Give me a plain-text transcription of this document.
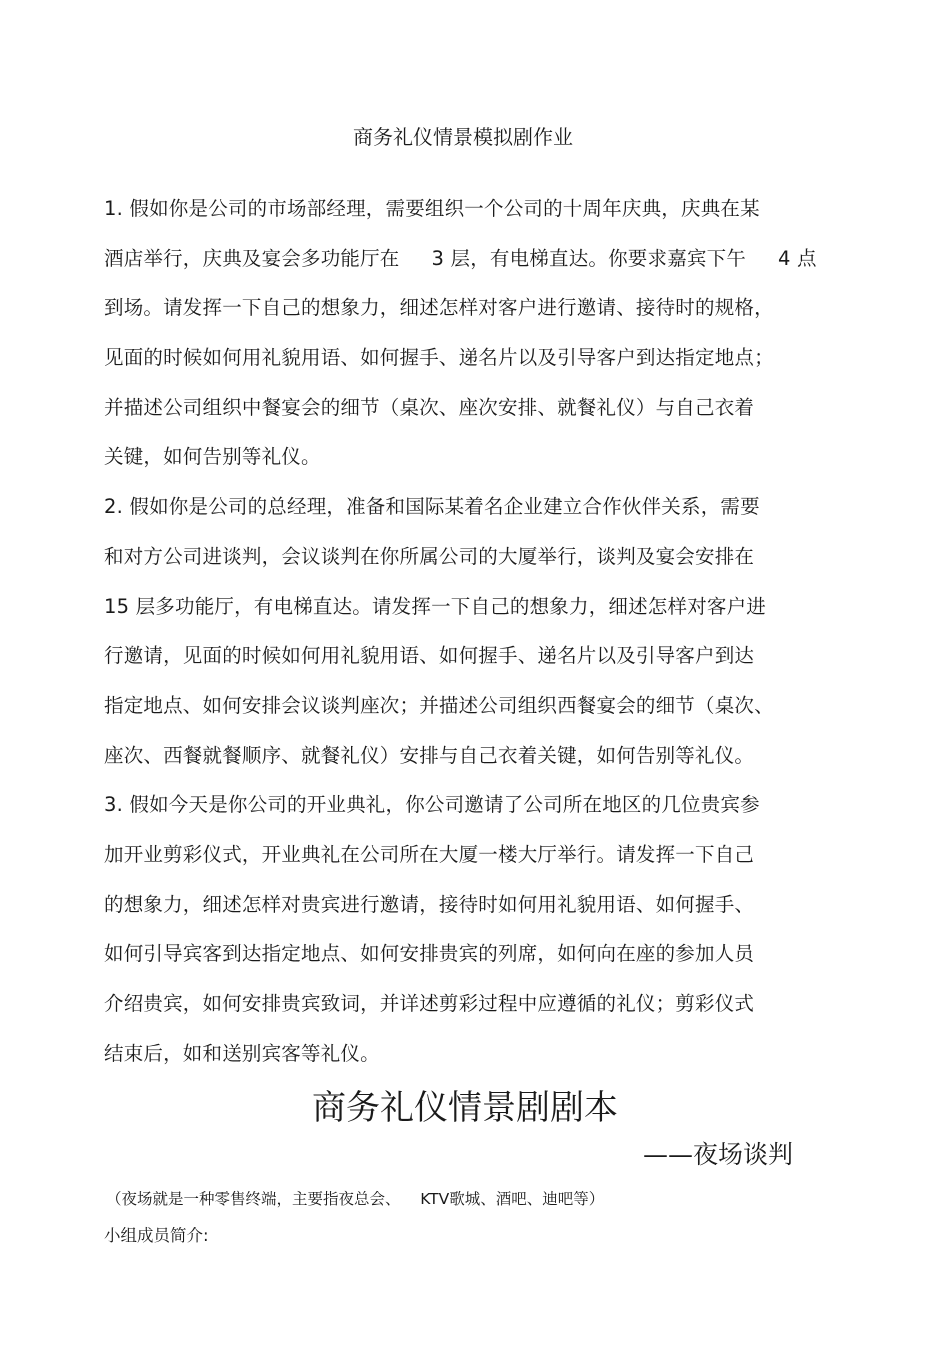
商务礼仪情景模拟剧作业
1. 假如你是公司的市场部经理，需要组织一个公司的十周年庆典，庆典在某
酒店举行，庆典及宴会多功能厅在     3 层，有电梯直达。你要求嘉宾下午     4 点
到场。请发挥一下自己的想象力，细述怎样对客户进行邀请、接待时的规格，
见面的时候如何用礼貌用语、如何握手、递名片以及引导客户到达指定地点；
并描述公司组织中餐宴会的细节（桌次、座次安排、就餐礼仪）与自己衣着
关键，如何告别等礼仪。
2. 假如你是公司的总经理，准备和国际某着名企业建立合作伙伴关系，需要
和对方公司进谈判，会议谈判在你所属公司的大厦举行，谈判及宴会安排在
15 层多功能厅，有电梯直达。请发挥一下自己的想象力，细述怎样对客户进
行邀请，见面的时候如何用礼貌用语、如何握手、递名片以及引导客户到达
指定地点、如何安排会议谈判座次；并描述公司组织西餐宴会的细节（桌次、
座次、西餐就餐顺序、就餐礼仪）安排与自己衣着关键，如何告别等礼仪。
3. 假如今天是你公司的开业典礼，你公司邀请了公司所在地区的几位贵宾参
加开业剪彩仪式，开业典礼在公司所在大厦一楼大厅举行。请发挥一下自己
的想象力，细述怎样对贵宾进行邀请，接待时如何用礼貌用语、如何握手、
如何引导宾客到达指定地点、如何安排贵宾的列席，如何向在座的参加人员
介绍贵宾，如何安排贵宾致词，并详述剪彩过程中应遵循的礼仪；剪彩仪式
结束后，如和送别宾客等礼仪。
商务礼仪情景剧剧本
——夜场谈判
（夜场就是一种零售终端，主要指夜总会、    KTV歌城、酒吧、迪吧等）
小组成员简介:
